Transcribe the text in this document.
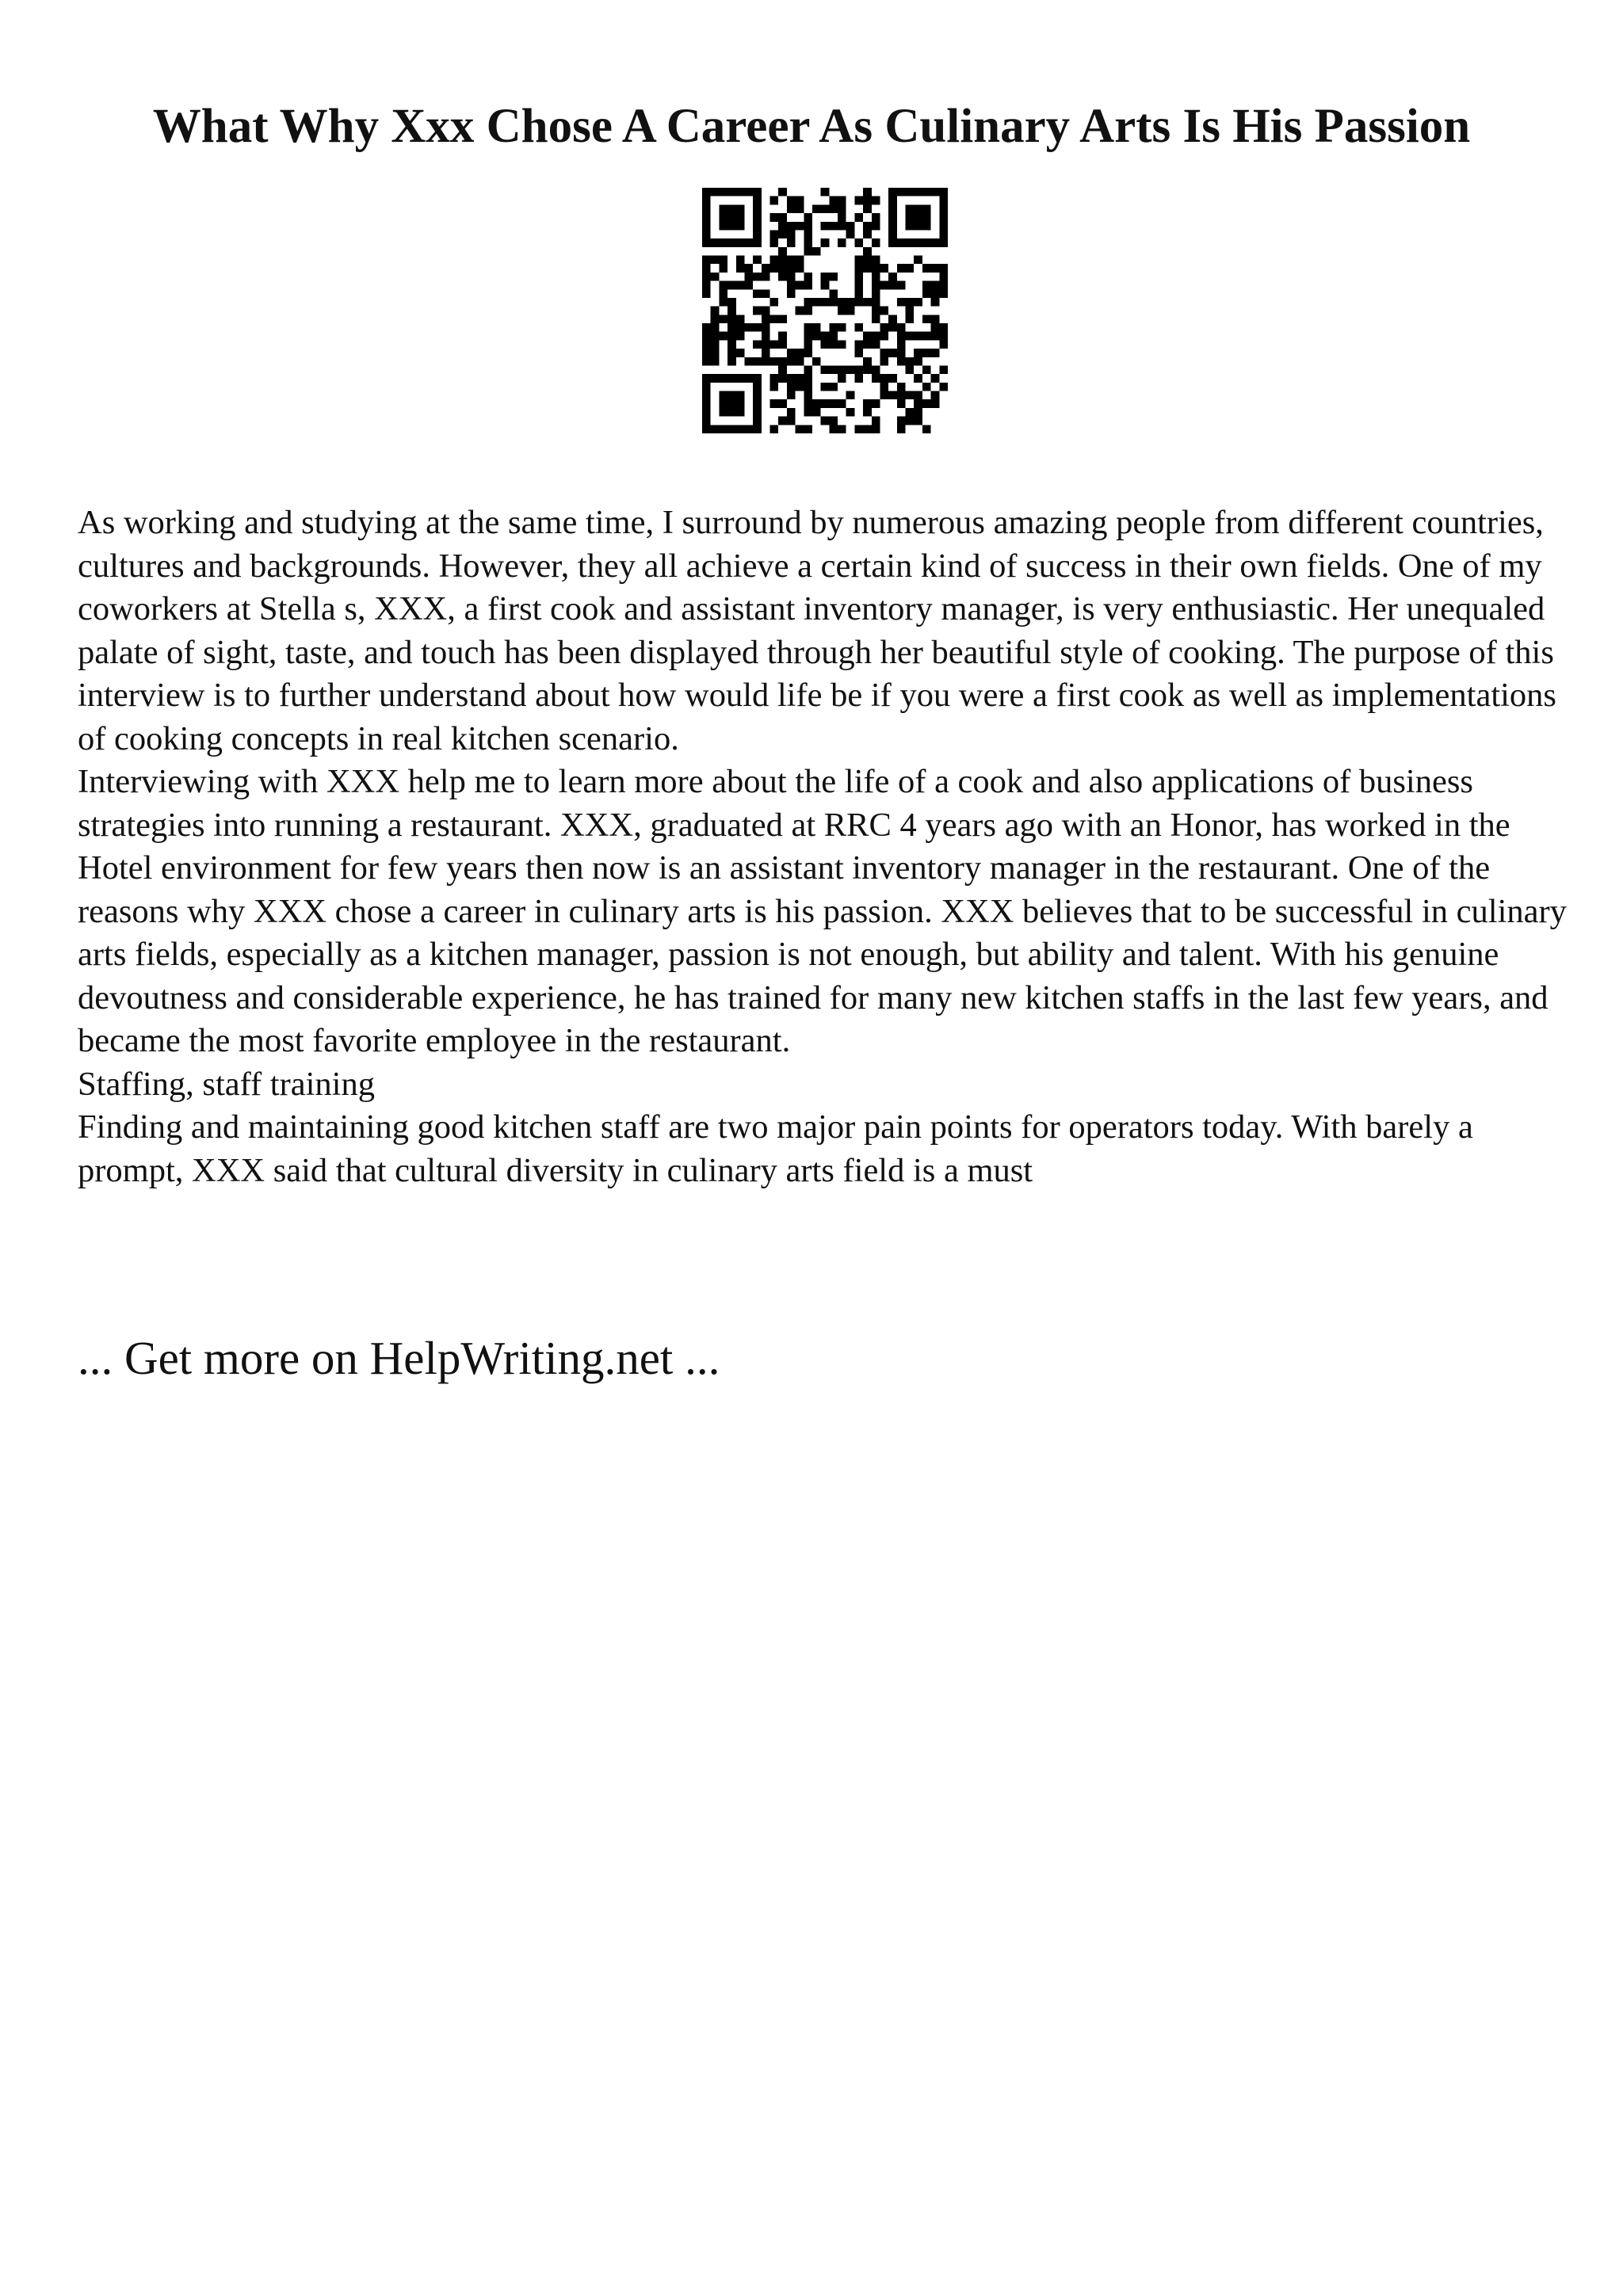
What Why Xxx Chose A Career As Culinary Arts Is His Passion

As working and studying at the same time, I surround by numerous amazing people from different countries, cultures and backgrounds. However, they all achieve a certain kind of success in their own fields. One of my coworkers at Stella s, XXX, a first cook and assistant inventory manager, is very enthusiastic. Her unequaled palate of sight, taste, and touch has been displayed through her beautiful style of cooking. The purpose of this interview is to further understand about how would life be if you were a first cook as well as implementations of cooking concepts in real kitchen scenario.

Interviewing with XXX help me to learn more about the life of a cook and also applications of business strategies into running a restaurant. XXX, graduated at RRC 4 years ago with an Honor, has worked in the Hotel environment for few years then now is an assistant inventory manager in the restaurant. One of the reasons why XXX chose a career in culinary arts is his passion. XXX believes that to be successful in culinary arts fields, especially as a kitchen manager, passion is not enough, but ability and talent. With his genuine devoutness and considerable experience, he has trained for many new kitchen staffs in the last few years, and became the most favorite employee in the restaurant.

Staffing, staff training

Finding and maintaining good kitchen staff are two major pain points for operators today. With barely a prompt, XXX said that cultural diversity in culinary arts field is a must

... Get more on HelpWriting.net ...
